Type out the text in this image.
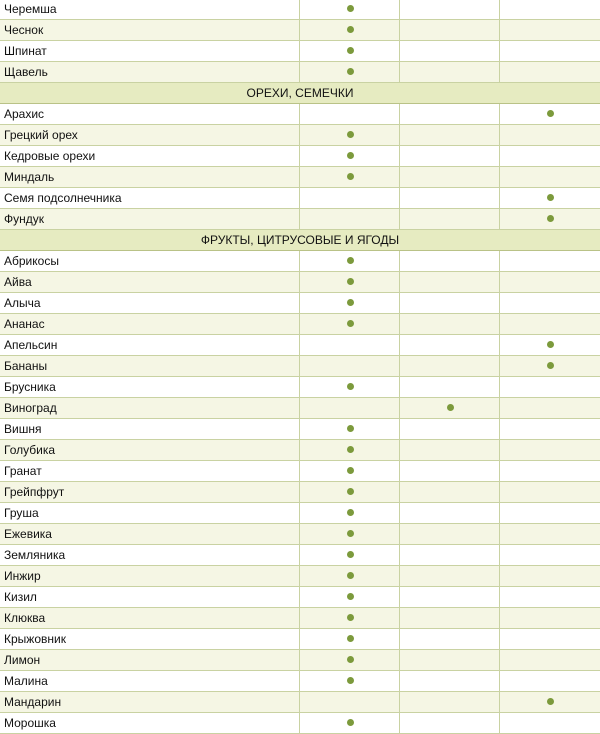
Черемша
Чеснок
Шпинат
Щавель
ОРЕХИ, СЕМЕЧКИ
Арахис
Грецкий орех
Кедровые орехи
Миндаль
Семя подсолнечника
Фундук
ФРУКТЫ, ЦИТРУСОВЫЕ И ЯГОДЫ
Абрикосы
Айва
Алыча
Ананас
Апельсин
Бананы
Брусника
Виноград
Вишня
Голубика
Гранат
Грейпфрут
Груша
Ежевика
Земляника
Инжир
Кизил
Клюква
Крыжовник
Лимон
Малина
Мандарин
Морошка
